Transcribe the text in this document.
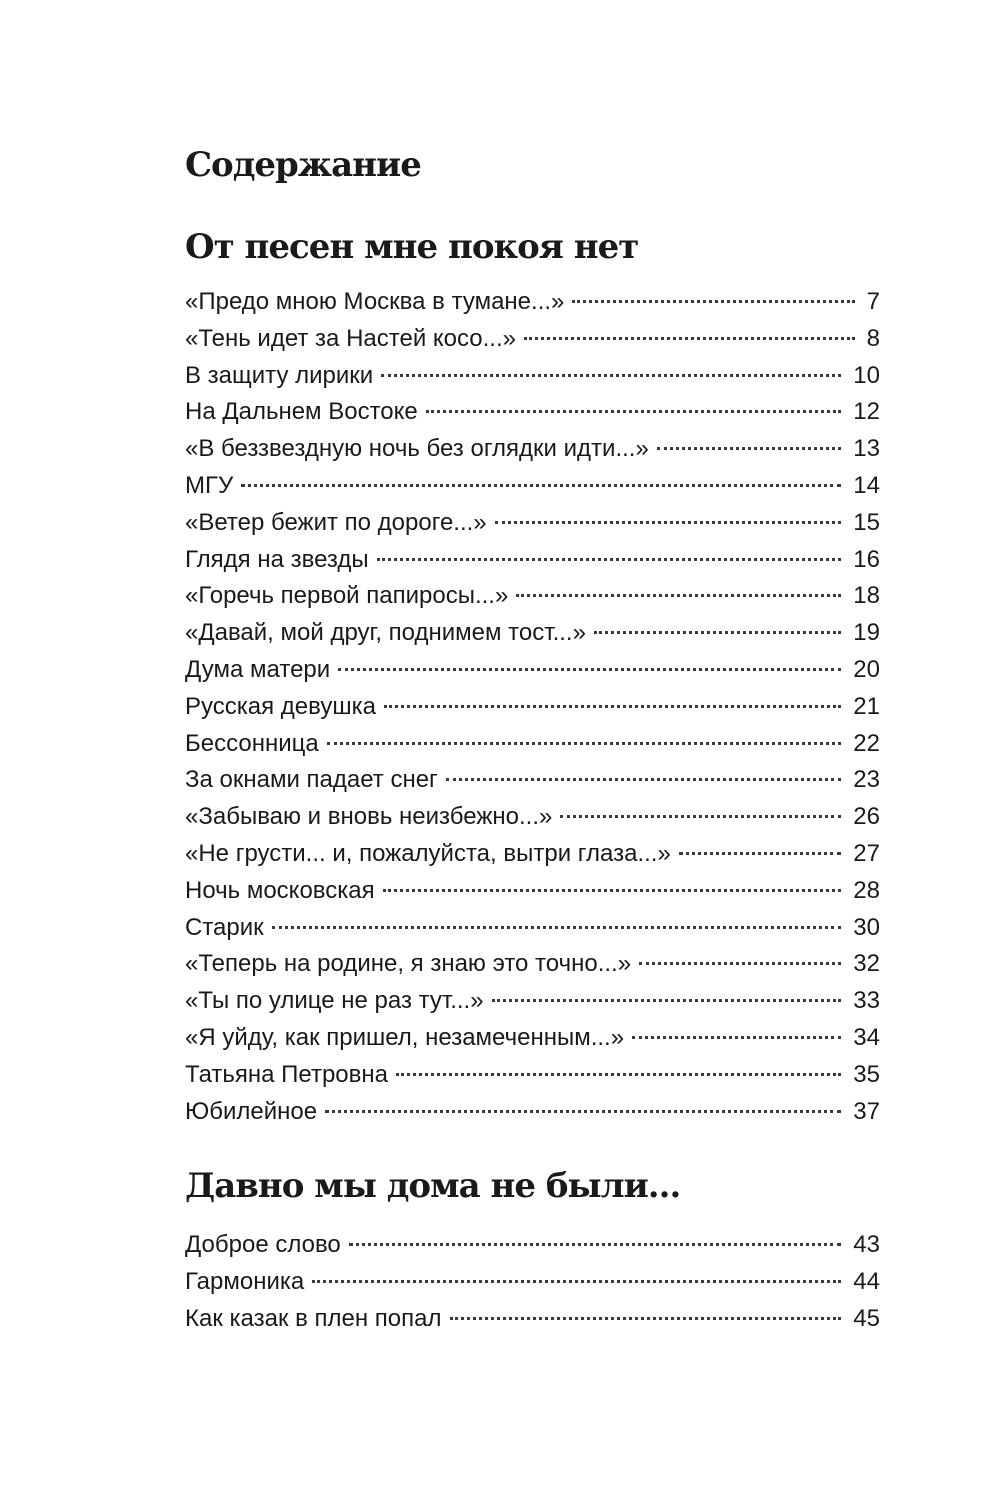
Содержание
От песен мне покоя нет
«Предо мною Москва в тумане...»	7
«Тень идет за Настей косо...»	8
В защиту лирики	10
На Дальнем Востоке	12
«В беззвездную ночь без оглядки идти...»	13
МГУ	14
«Ветер бежит по дороге...»	15
Глядя на звезды	16
«Горечь первой папиросы...»	18
«Давай, мой друг, поднимем тост...»	19
Дума матери	20
Русская девушка	21
Бессонница	22
За окнами падает снег	23
«Забываю и вновь неизбежно...»	26
«Не грусти... и, пожалуйста, вытри глаза...»	27
Ночь московская	28
Старик	30
«Теперь на родине, я знаю это точно...»	32
«Ты по улице не раз тут...»	33
«Я уйду, как пришел, незамеченным...»	34
Татьяна Петровна	35
Юбилейное	37
Давно мы дома не были...
Доброе слово	43
Гармоника	44
Как казак в плен попал	45
